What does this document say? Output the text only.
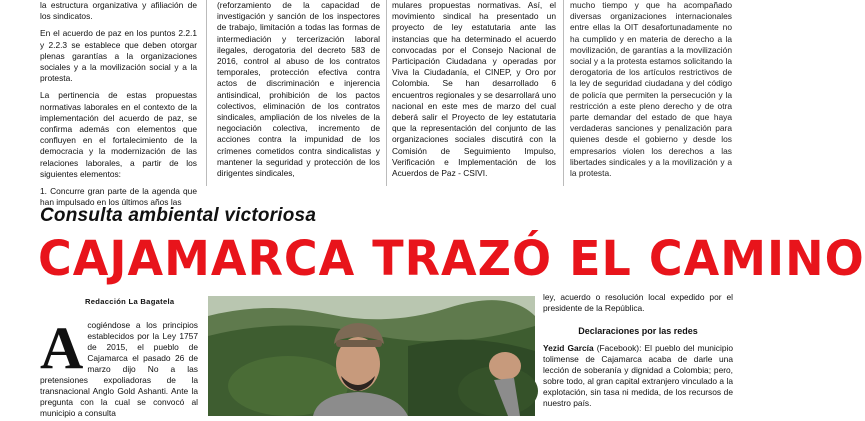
la estructura organizativa y afiliación de los sindicatos.

En el acuerdo de paz en los puntos 2.2.1 y 2.2.3 se establece que deben otorgar plenas garantías a la organizaciones sociales y a la movilización social y a la protesta.

La pertinencia de estas propuestas normativas laborales en el contexto de la implementación del acuerdo de paz, se confirma además con elementos que confluyen en el fortalecimiento de la democracia y la modernización de las relaciones laborales, a partir de los siguientes elementos:

1. Concurre gran parte de la agenda que han impulsado en los últimos años las

(reforzamiento de la capacidad de investigación y sanción de los inspectores de trabajo, limitación a todas las formas de intermediación y tercerización laboral ilegales, derogatoria del decreto 583 de 2016, control al abuso de los contratos temporales, protección efectiva contra actos de discriminación e injerencia antisindical, prohibición de los pactos colectivos, eliminación de los contratos sindicales, ampliación de los niveles de la negociación colectiva, incremento de acciones contra la impunidad de los crímenes cometidos contra sindicalistas y mantener la seguridad y protección de los dirigentes sindicales,

mulares propuestas normativas. Así, el movimiento sindical ha presentado un proyecto de ley estatutaria ante las instancias que ha determinado el acuerdo convocadas por el Consejo Nacional de Participación Ciudadana y operadas por Viva la Ciudadanía, el CINEP, y Oro por Colombia. Se han desarrollado 6 encuentros regionales y se desarrollará uno nacional en este mes de marzo del cual deberá salir el Proyecto de ley estatutaria que la representación del conjunto de las organizaciones sociales discutirá con la Comisión de Seguimiento Impulso, Verificación e Implementación de los Acuerdos de Paz - CSIVI.

mucho tiempo y que ha acompañado diversas organizaciones internacionales entre ellas la OIT desafortunadamente no ha cumplido y en materia de derecho a la movilización, de garantías a la movilización social y a la protesta estamos solicitando la derogatoria de los artículos restrictivos de la ley de seguridad ciudadana y del código de policía que permiten la persecución y la restricción a este pleno derecho y de otra parte demandar del estado de que haya verdaderas sanciones y penalización para quienes desde el gobierno y desde los empresarios violen los derechos a las libertades sindicales y a la movilización y a la protesta.

Consulta ambiental victoriosa
CAJAMARCA TRAZÓ EL CAMINO
Redacción La Bagatela
A cogiéndose a los principios establecidos por la Ley 1757 de 2015, el pueblo de Cajamarca el pasado 26 de marzo dijo No a las pretensiones expoliadoras de la transnacional Anglo Gold Ashanti. Ante la pregunta con la cual se convocó al municipio a consulta

ley, acuerdo o resolución local expedido por el presidente de la República.

Declaraciones por las redes

Yezid García (Facebook): El pueblo del municipio tolimense de Cajamarca acaba de darle una lección de soberanía y dignidad a Colombia; pero, sobre todo, al gran capital extranjero vinculado a la explotación, sin tasa ni medida, de los recursos de nuestro país.
